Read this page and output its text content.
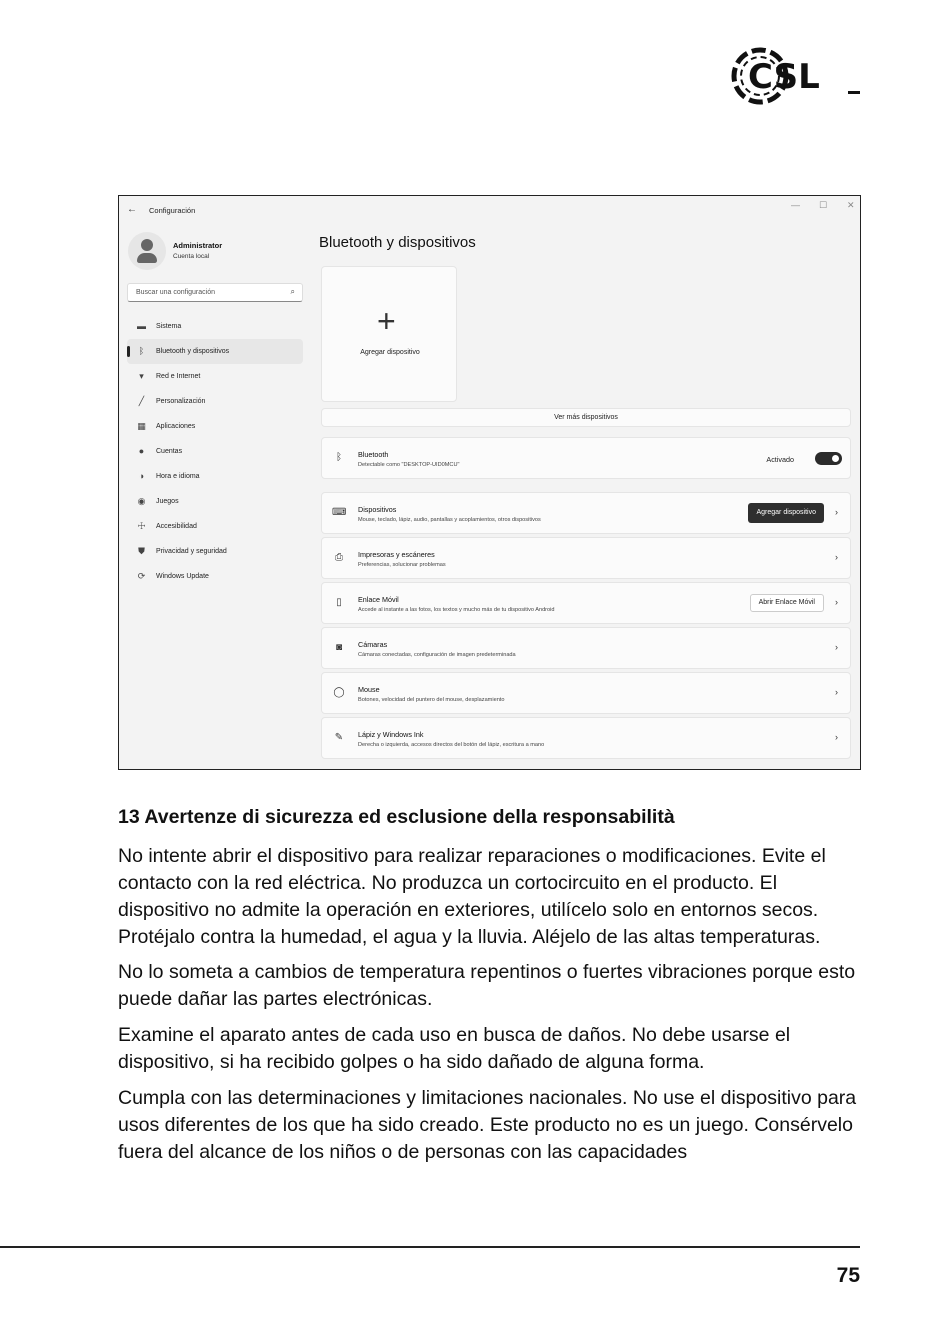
CSL
← Configuración
— ☐ ✕
Administrator
Cuenta local
Buscar una configuración	⌕
▬ Sistema
ᛒ	Bluetooth y dispositivos
▾	Red e Internet
╱	Personalización
▦ Aplicaciones
●	Cuentas
◑	Hora e idioma
◉ Juegos
☩ Accesibilidad
⛊	Privacidad y seguridad
⟳ Windows Update
Bluetooth y dispositivos
+
Agregar dispositivo
Ver más dispositivos
ᛒ	Bluetooth
Detectable como "DESKTOP-UID0MCU"
Activado
⌨ Dispositivos
Mouse, teclado, lápiz, audio, pantallas y acoplamientos, otros dispositivos
Agregar dispositivo	›
⎙	Impresoras y escáneres
Preferencias, solucionar problemas
›
▯	Enlace Móvil
Accede al instante a las fotos, los textos y mucho más de tu dispositivo Android
Abrir Enlace Móvil	›
◙	Cámaras
Cámaras conectadas, configuración de imagen predeterminada
›
◯ Mouse
Botones, velocidad del puntero del mouse, desplazamiento
›
✎	Lápiz y Windows Ink
Derecha o izquierda, accesos directos del botón del lápiz, escritura a mano
›
13 Avertenze di sicurezza ed esclusione della responsabilità

No intente abrir el dispositivo para realizar reparaciones o modificaciones. Evite el contacto con la red eléctrica. No produzca un cortocircuito en el producto. El dispositivo no admite la operación en exteriores, utilícelo solo en entornos secos. Protéjalo contra la humedad, el agua y la lluvia. Aléjelo de las altas temperaturas.

No lo someta a cambios de temperatura repentinos o fuertes vibraciones porque esto puede dañar las partes electrónicas.

Examine el aparato antes de cada uso en busca de daños. No debe usarse el dispositivo, si ha recibido golpes o ha sido dañado de alguna forma.

Cumpla con las determinaciones y limitaciones nacionales. No use el dispositivo para usos diferentes de los que ha sido creado. Este producto no es un juego. Consérvelo fuera del alcance de los niños o de personas con las capacidades

75
